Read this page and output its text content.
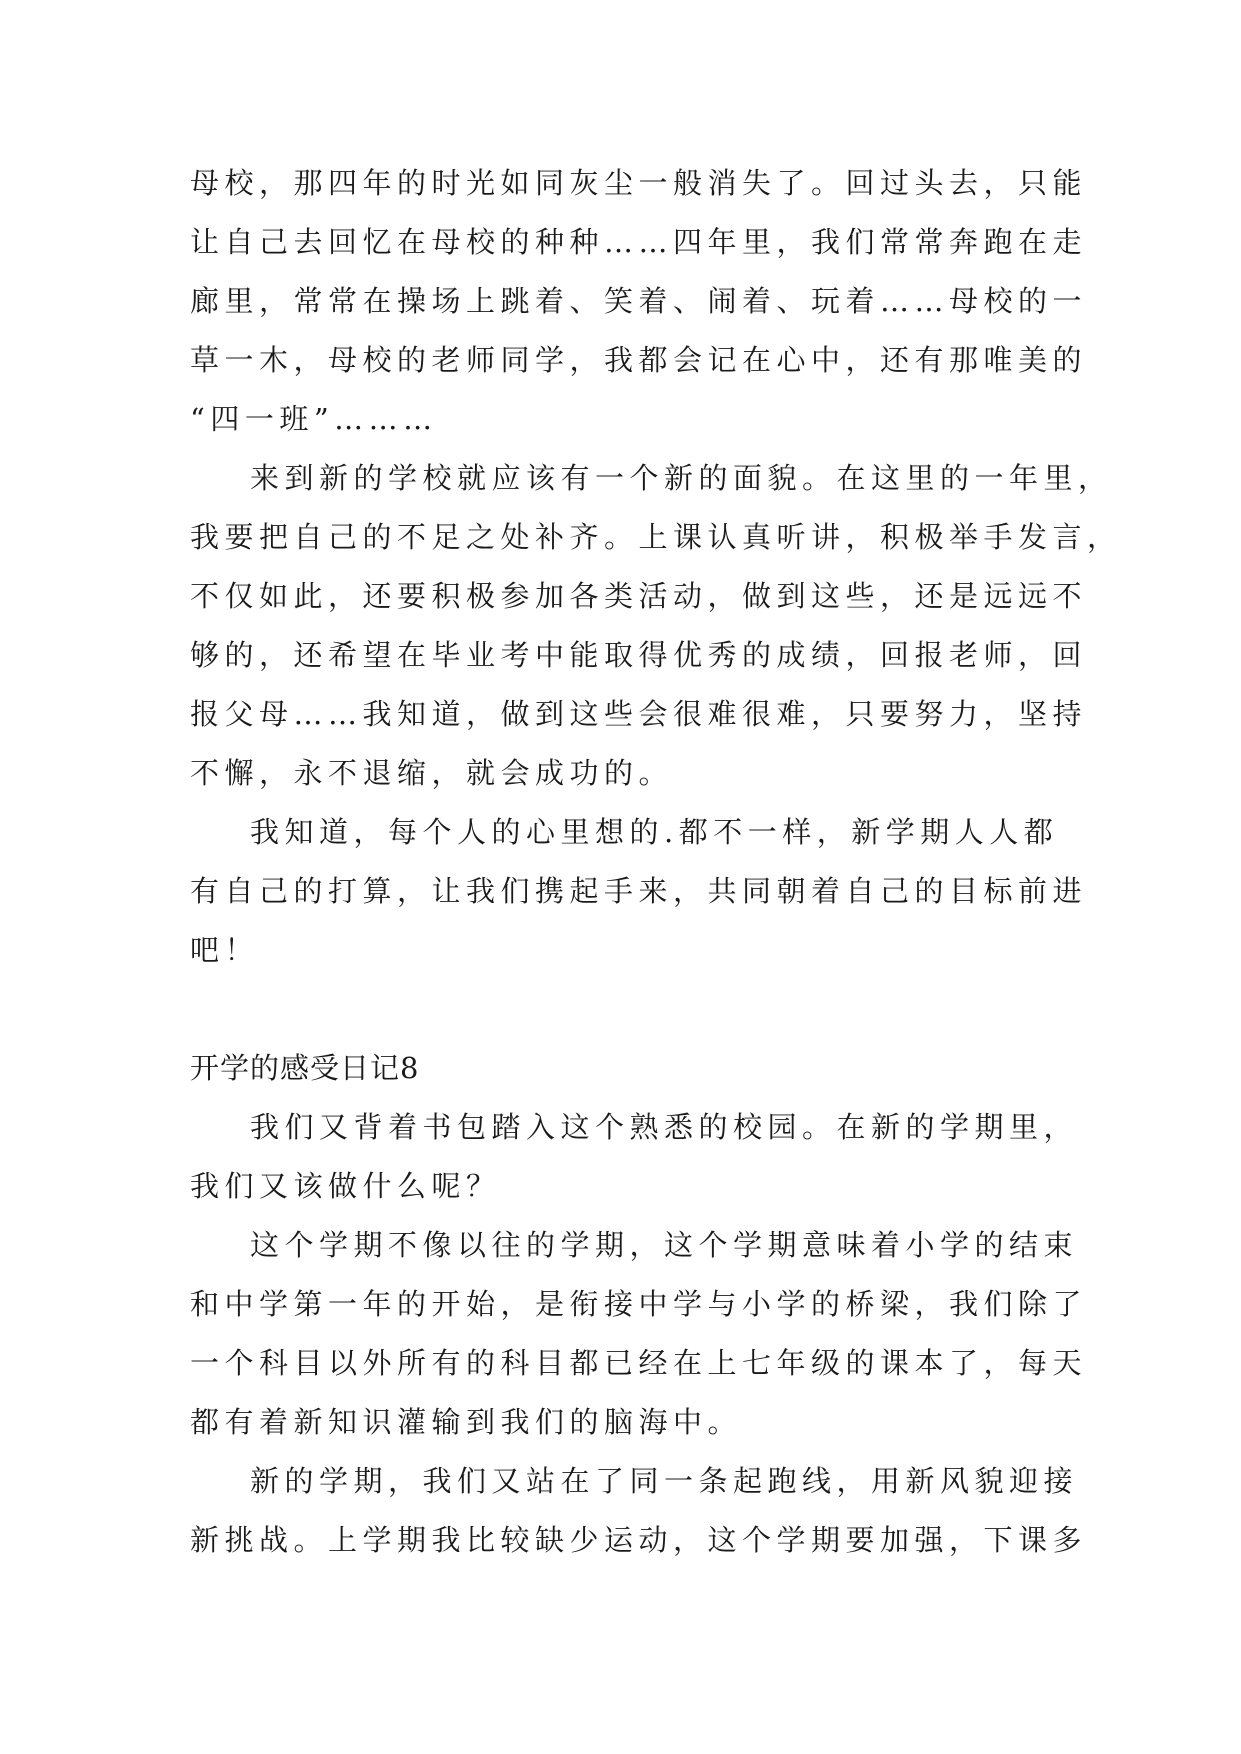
母校，那四年的时光如同灰尘一般消失了。回过头去，只能
让自己去回忆在母校的种种……四年里，我们常常奔跑在走
廊里，常常在操场上跳着、笑着、闹着、玩着……母校的一
草一木，母校的老师同学，我都会记在心中，还有那唯美的
“四一班”………
来到新的学校就应该有一个新的面貌。在这里的一年里，
我要把自己的不足之处补齐。上课认真听讲，积极举手发言，
不仅如此，还要积极参加各类活动，做到这些，还是远远不
够的，还希望在毕业考中能取得优秀的成绩，回报老师，回
报父母……我知道，做到这些会很难很难，只要努力，坚持
不懈，永不退缩，就会成功的。
我知道，每个人的心里想的.都不一样，新学期人人都
有自己的打算，让我们携起手来，共同朝着自己的目标前进
吧！
开学的感受日记8
我们又背着书包踏入这个熟悉的校园。在新的学期里，
我们又该做什么呢？
这个学期不像以往的学期，这个学期意味着小学的结束
和中学第一年的开始，是衔接中学与小学的桥梁，我们除了
一个科目以外所有的科目都已经在上七年级的课本了，每天
都有着新知识灌输到我们的脑海中。
新的学期，我们又站在了同一条起跑线，用新风貌迎接
新挑战。上学期我比较缺少运动，这个学期要加强，下课多
